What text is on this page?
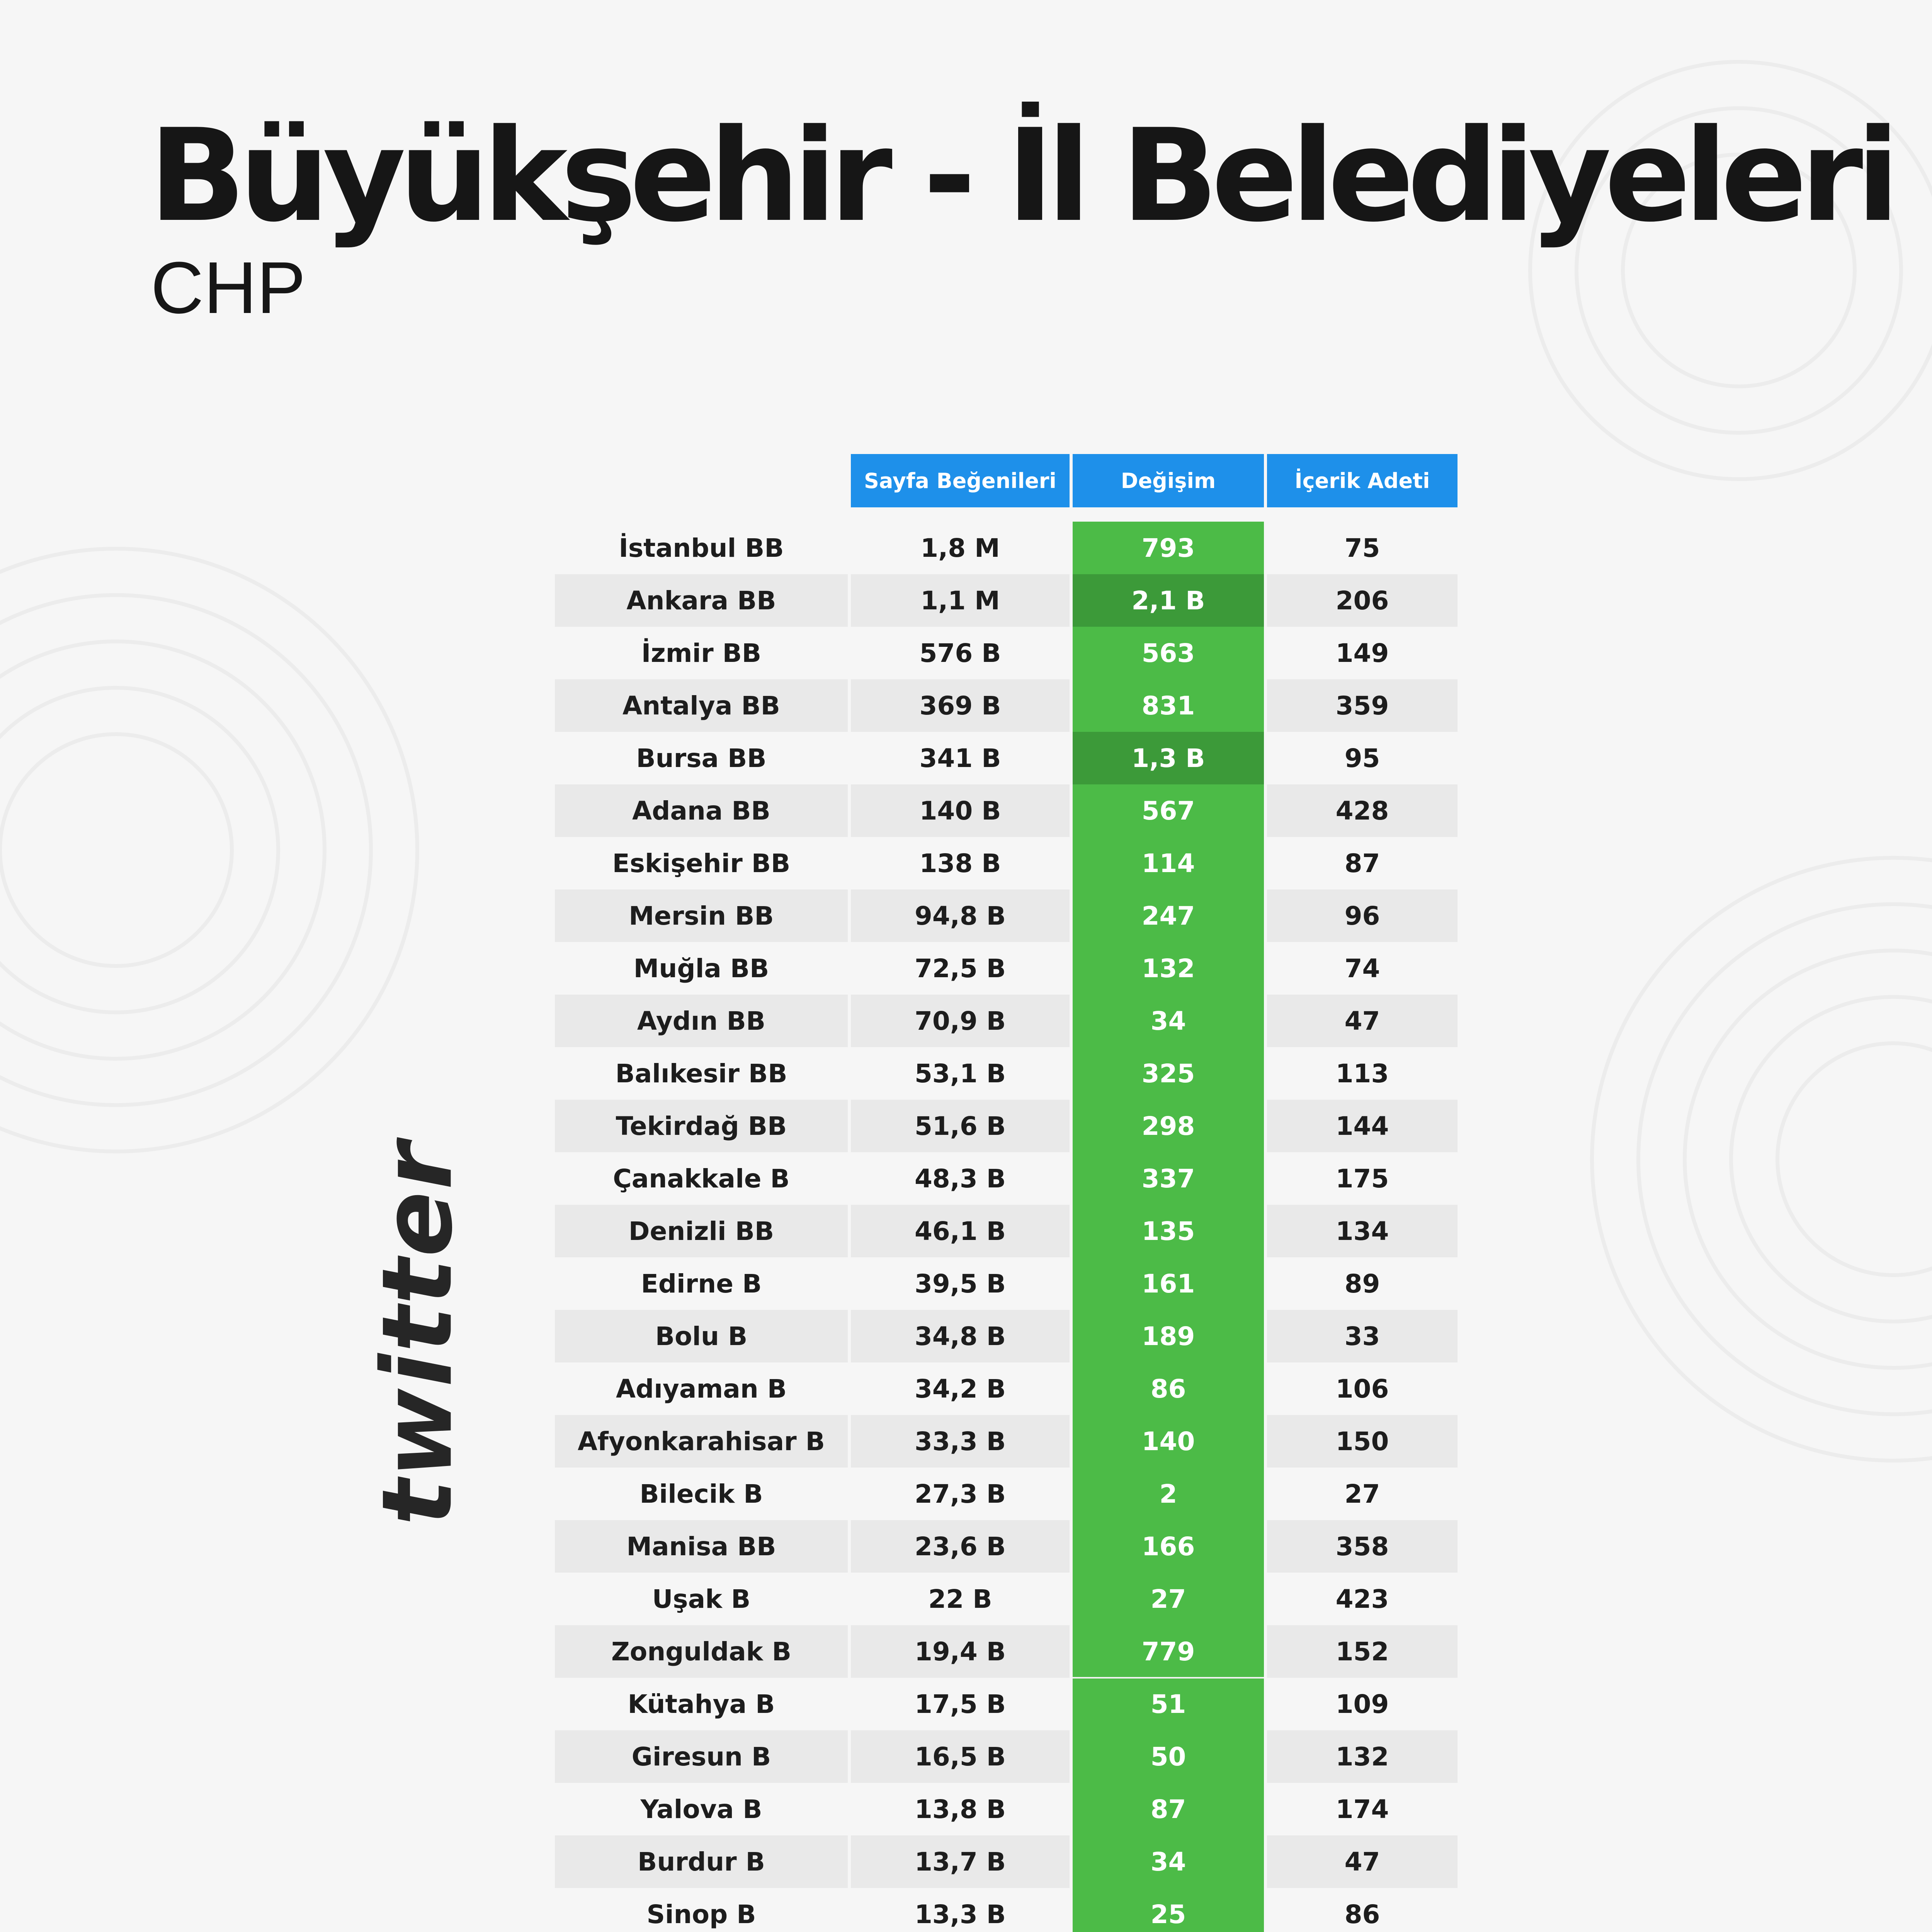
Büyükşehir - İl Belediyeleri
CHP
twitter
Sayfa Beğenileri	Değişim	İçerik Adeti
İstanbul BB	1,8 M	793	75
Ankara BB	1,1 M	2,1 B	206
İzmir BB	576 B	563	149
Antalya BB	369 B	831	359
Bursa BB	341 B	1,3 B	95
Adana BB	140 B	567	428
Eskişehir BB	138 B	114	87
Mersin BB	94,8 B	247	96
Muğla BB	72,5 B	132	74
Aydın BB	70,9 B	34	47
Balıkesir BB	53,1 B	325	113
Tekirdağ BB	51,6 B	298	144
Çanakkale B	48,3 B	337	175
Denizli BB	46,1 B	135	134
Edirne B	39,5 B	161	89
Bolu B	34,8 B	189	33
Adıyaman B	34,2 B	86	106
Afyonkarahisar B	33,3 B	140	150
Bilecik B	27,3 B	2	27
Manisa BB	23,6 B	166	358
Uşak B	22 B	27	423
Zonguldak B	19,4 B	779	152
Kütahya B	17,5 B	51	109
Giresun B	16,5 B	50	132
Yalova B	13,8 B	87	174
Burdur B	13,7 B	34	47
Sinop B	13,3 B	25	86
